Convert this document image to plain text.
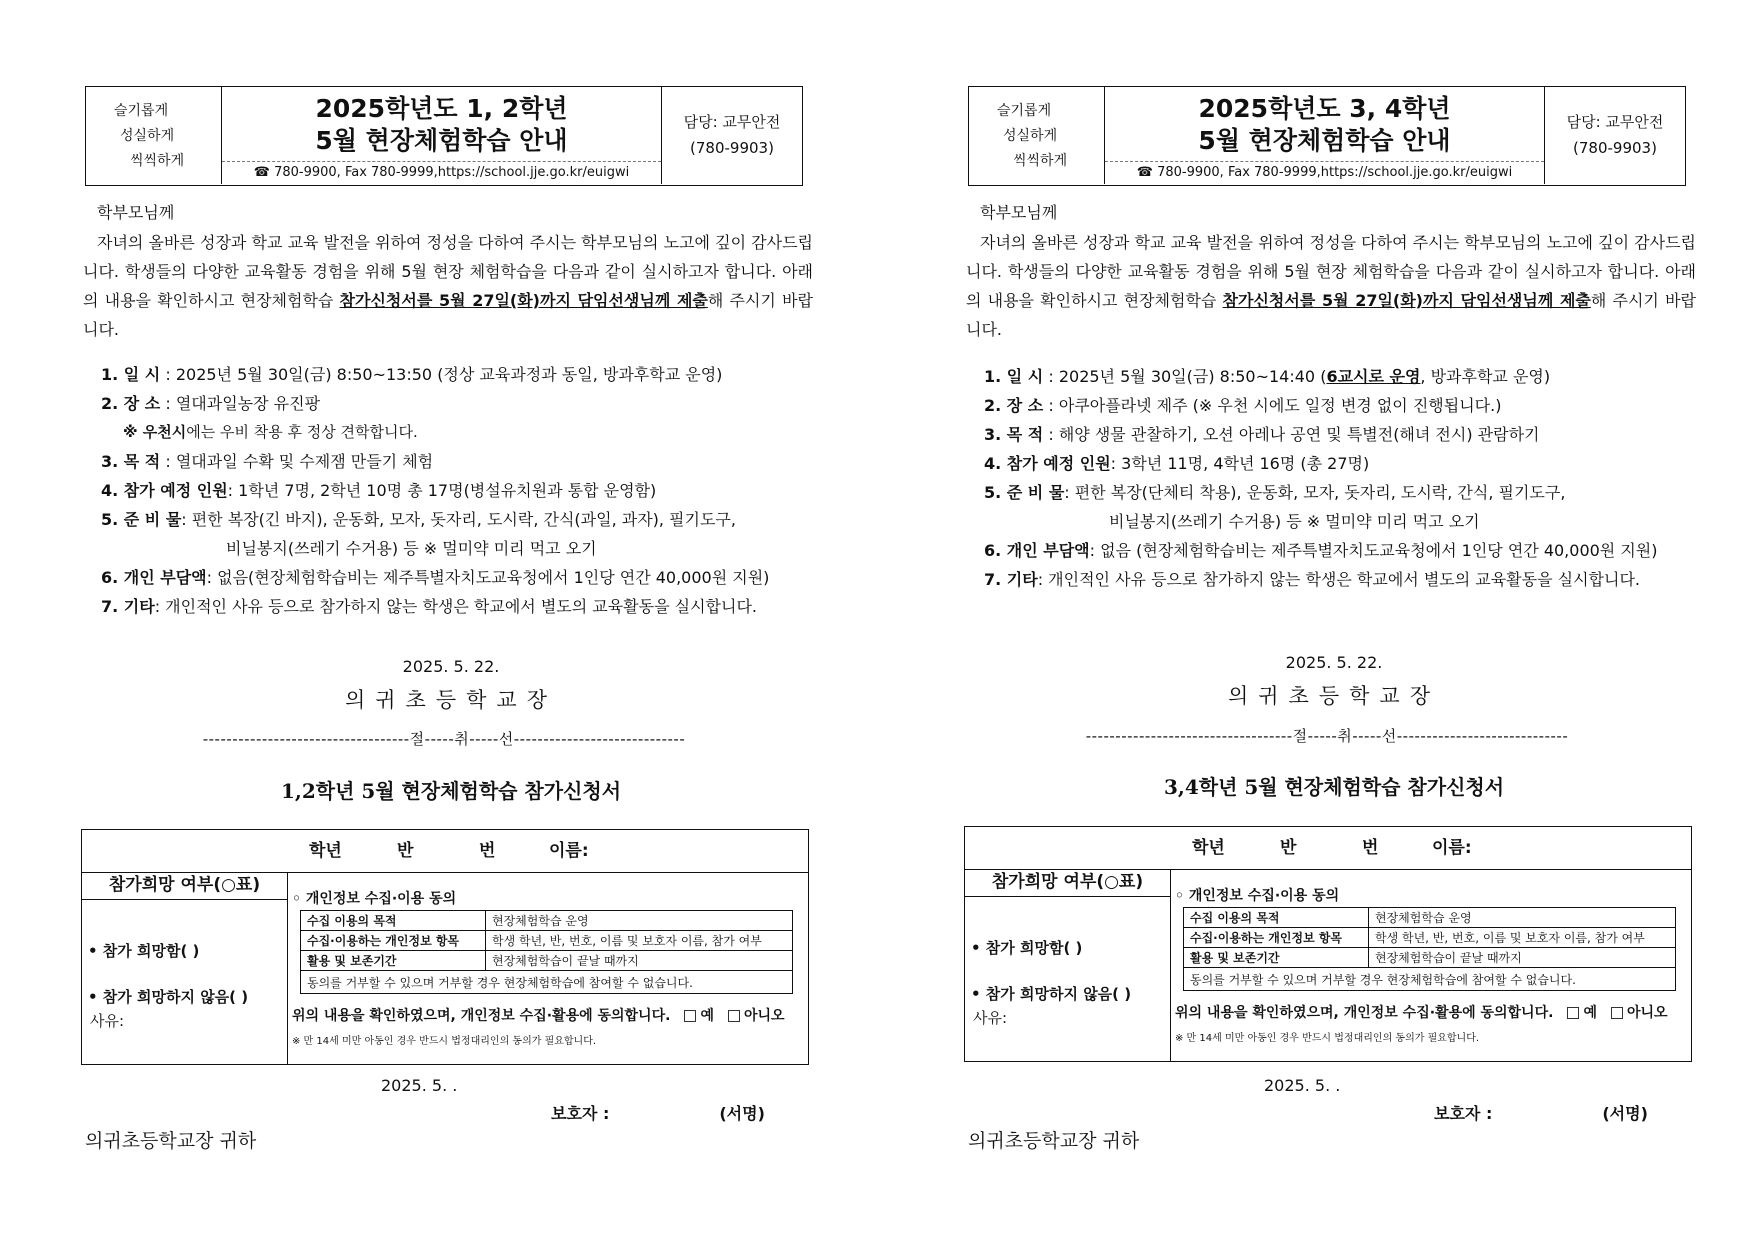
슬기롭게
성실하게
씩씩하게
2025학년도 1, 2학년
5월 현장체험학습 안내
☎ 780-9900, Fax 780-9999,https://school.jje.go.kr/euigwi
담당: 교무안전
(780-9903)
학부모님께
자녀의 올바른 성장과 학교 교육 발전을 위하여 정성을 다하여 주시는 학부모님의 노고에 깊이 감사드립니다. 학생들의 다양한 교육활동 경험을 위해 5월 현장 체험학습을 다음과 같이 실시하고자 합니다. 아래의 내용을 확인하시고 현장체험학습 참가신청서를 5월 27일(화)까지 담임선생님께 제출해 주시기 바랍니다.
1. 일 시 : 2025년 5월 30일(금) 8:50~13:50 (정상 교육과정과 동일, 방과후학교 운영)
2. 장 소 : 열대과일농장 유진팡
※ 우천시에는 우비 착용 후 정상 견학합니다.
3. 목 적 : 열대과일 수확 및 수제잼 만들기 체험
4. 참가 예정 인원: 1학년 7명, 2학년 10명 총 17명(병설유치원과 통합 운영함)
5. 준 비 물: 편한 복장(긴 바지), 운동화, 모자, 돗자리, 도시락, 간식(과일, 과자), 필기도구,
비닐봉지(쓰레기 수거용) 등 ※ 멀미약 미리 먹고 오기
6. 개인 부담액: 없음(현장체험학습비는 제주특별자치도교육청에서 1인당 연간 40,000원 지원)
7. 기타: 개인적인 사유 등으로 참가하지 않는 학생은 학교에서 별도의 교육활동을 실시합니다.
2025. 5. 22.
의귀초등학교장
-----------------------------------절-----취-----선-----------------------------
1,2학년 5월 현장체험학습 참가신청서
학년	반	번	이름:
참가희망 여부(○표)
• 참가 희망함( )
• 참가 희망하지 않음( )
사유:
◦ 개인정보 수집·이용 동의
수집 이용의 목적	현장체험학습 운영
수집·이용하는 개인정보 항목	학생 학년, 반, 번호, 이름 및 보호자 이름, 참가 여부
활용 및 보존기간	현장체험학습이 끝날 때까지
동의를 거부할 수 있으며 거부할 경우 현장체험학습에 참여할 수 없습니다.	
위의 내용을 확인하였으며, 개인정보 수집·활용에 동의합니다. 예 아니오
※ 만 14세 미만 아동인 경우 반드시 법정대리인의 동의가 필요합니다.
2025. 5. .
보호자 :	(서명)
의귀초등학교장 귀하
슬기롭게
성실하게
씩씩하게
2025학년도 3, 4학년
5월 현장체험학습 안내
☎ 780-9900, Fax 780-9999,https://school.jje.go.kr/euigwi
담당: 교무안전
(780-9903)
학부모님께
자녀의 올바른 성장과 학교 교육 발전을 위하여 정성을 다하여 주시는 학부모님의 노고에 깊이 감사드립니다. 학생들의 다양한 교육활동 경험을 위해 5월 현장 체험학습을 다음과 같이 실시하고자 합니다. 아래의 내용을 확인하시고 현장체험학습 참가신청서를 5월 27일(화)까지 담임선생님께 제출해 주시기 바랍니다.
1. 일 시 : 2025년 5월 30일(금) 8:50~14:40 (6교시로 운영, 방과후학교 운영)
2. 장 소 : 아쿠아플라넷 제주 (※ 우천 시에도 일정 변경 없이 진행됩니다.)
3. 목 적 : 해양 생물 관찰하기, 오션 아레나 공연 및 특별전(해녀 전시) 관람하기
4. 참가 예정 인원: 3학년 11명, 4학년 16명 (총 27명)
5. 준 비 물: 편한 복장(단체티 착용), 운동화, 모자, 돗자리, 도시락, 간식, 필기도구,
비닐봉지(쓰레기 수거용) 등 ※ 멀미약 미리 먹고 오기
6. 개인 부담액: 없음 (현장체험학습비는 제주특별자치도교육청에서 1인당 연간 40,000원 지원)
7. 기타: 개인적인 사유 등으로 참가하지 않는 학생은 학교에서 별도의 교육활동을 실시합니다.
2025. 5. 22.
의귀초등학교장
-----------------------------------절-----취-----선-----------------------------
3,4학년 5월 현장체험학습 참가신청서
학년	반	번	이름:
참가희망 여부(○표)
• 참가 희망함( )
• 참가 희망하지 않음( )
사유:
◦ 개인정보 수집·이용 동의
수집 이용의 목적	현장체험학습 운영
수집·이용하는 개인정보 항목	학생 학년, 반, 번호, 이름 및 보호자 이름, 참가 여부
활용 및 보존기간	현장체험학습이 끝날 때까지
동의를 거부할 수 있으며 거부할 경우 현장체험학습에 참여할 수 없습니다.	
위의 내용을 확인하였으며, 개인정보 수집·활용에 동의합니다. 예 아니오
※ 만 14세 미만 아동인 경우 반드시 법정대리인의 동의가 필요합니다.
2025. 5. .
보호자 :	(서명)
의귀초등학교장 귀하
